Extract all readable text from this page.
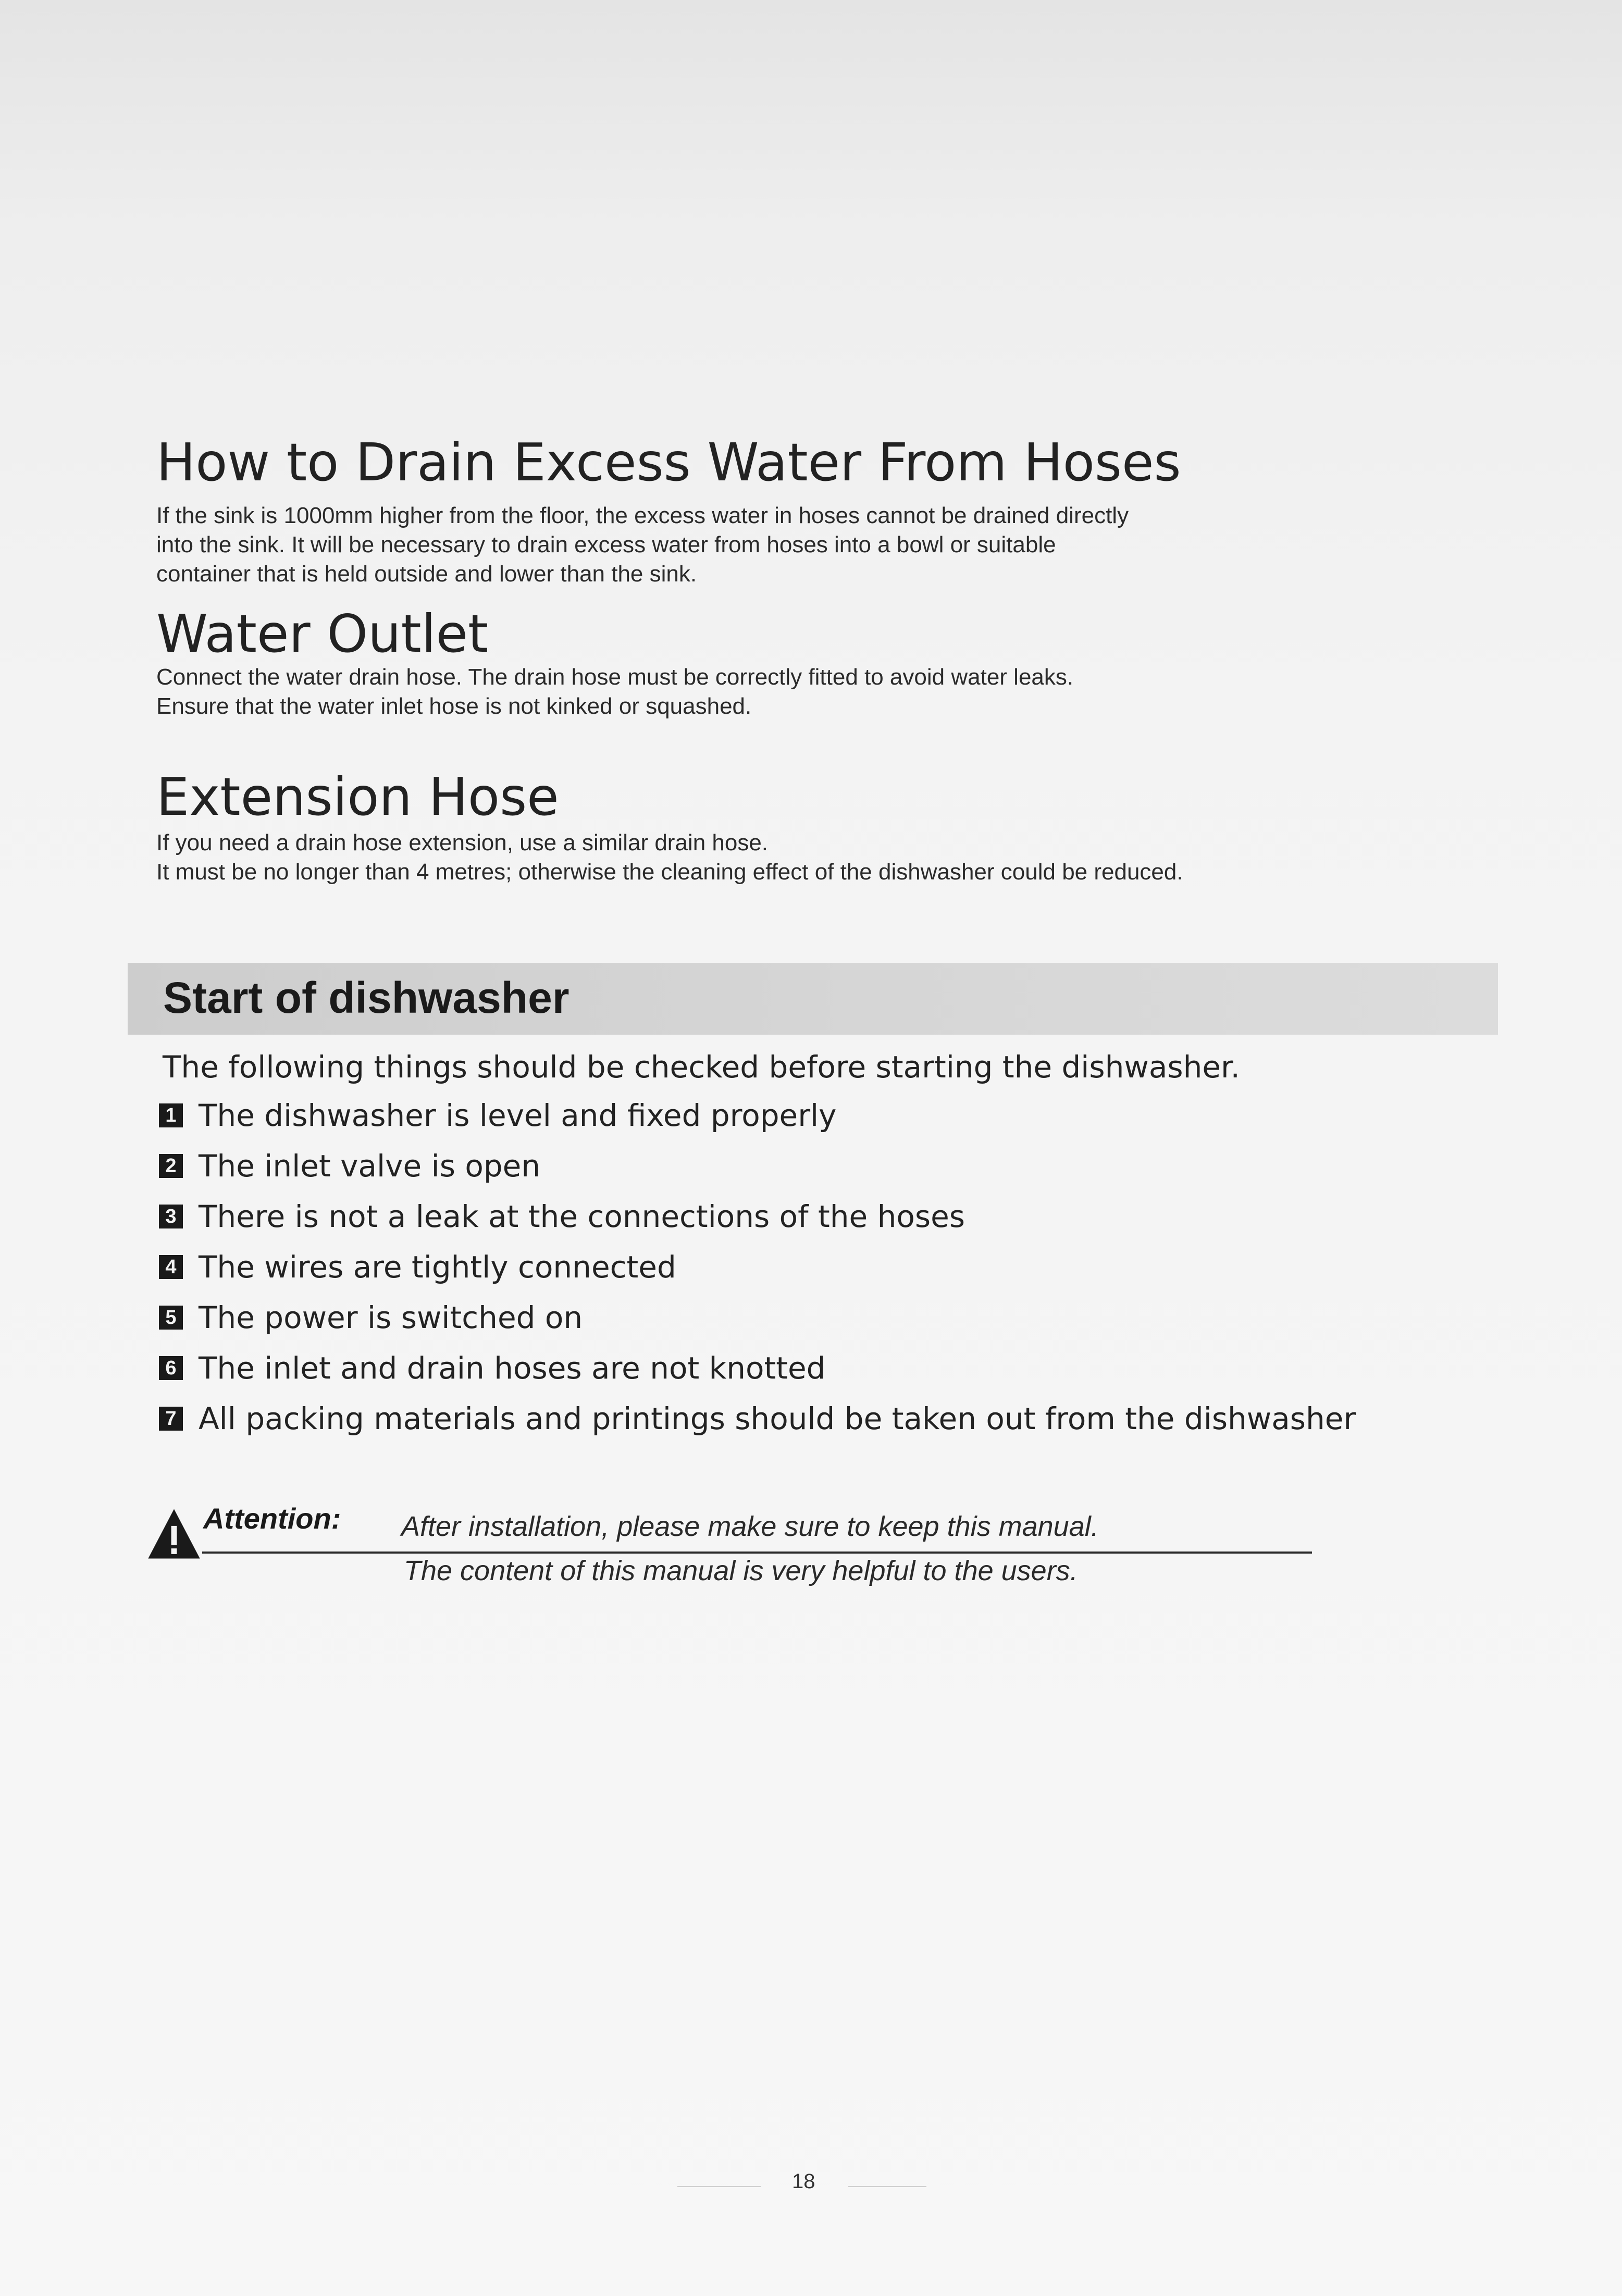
How to Drain Excess Water From Hoses

If the sink is 1000mm higher from the floor, the excess water in hoses cannot be drained directly

into the sink. It will be necessary to drain excess water from hoses into a bowl or suitable

container that is held outside and lower than the sink.

Water Outlet

Connect the water drain hose. The drain hose must be correctly fitted to avoid water leaks.

Ensure that the water inlet hose is not kinked or squashed.

Extension Hose

If you need a drain hose extension, use a similar drain hose.

It must be no longer than 4 metres; otherwise the cleaning effect of the dishwasher could be reduced.

Start of dishwasher

The following things should be checked before starting the dishwasher.

1 The dishwasher is level and fixed properly
2 The inlet valve is open
3 There is not a leak at the connections of the hoses
4 The wires are tightly connected
5 The power is switched on
6 The inlet and drain hoses are not knotted
7 All packing materials and printings should be taken out from the dishwasher

Attention: After installation, please make sure to keep this manual.

The content of this manual is very helpful to the users.

18
